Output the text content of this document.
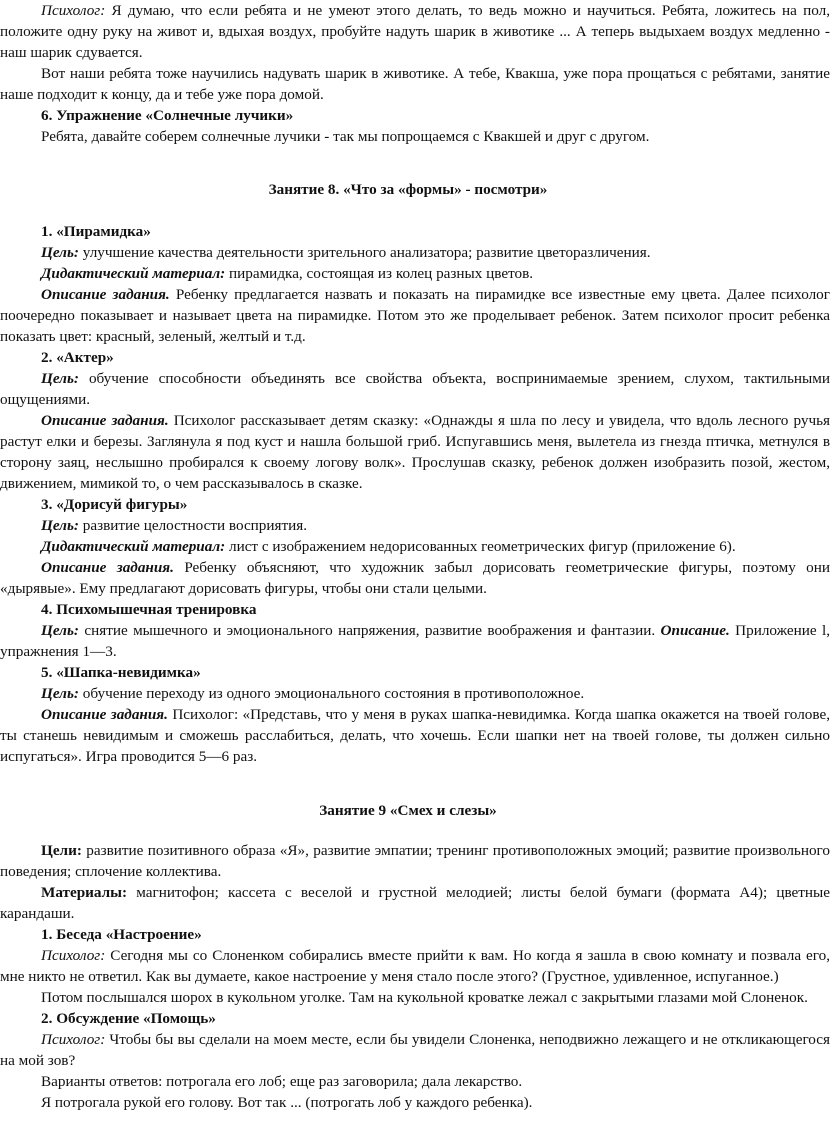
Психолог: Я думаю, что если ребята и не умеют этого делать, то ведь можно и научиться. Ребята, ложитесь на пол, положите одну руку на живот и, вдыхая воздух, пробуйте надуть шарик в животике ... А теперь выдыхаем воздух медленно - наш шарик сдувается.

Вот наши ребята тоже научились надувать шарик в животике. А тебе, Квакша, уже пора прощаться с ребятами, занятие наше подходит к концу, да и тебе уже пора домой.

6. Упражнение «Солнечные лучики»

Ребята, давайте соберем солнечные лучики - так мы попрощаемся с Квакшей и друг с другом.

Занятие 8. «Что за «формы» - посмотри»

1. «Пирамидка»

Цель: улучшение качества деятельности зрительного анализатора; развитие цветоразличения.

Дидактический материал: пирамидка, состоящая из колец разных цветов.

Описание задания. Ребенку предлагается назвать и показать на пирамидке все известные ему цвета. Далее психолог поочередно показывает и называет цвета на пирамидке. Потом это же проделывает ребенок. Затем психолог просит ребенка показать цвет: красный, зеленый, желтый и т.д.

2. «Актер»

Цель: обучение способности объединять все свойства объекта, воспринимаемые зрением, слухом, тактильными ощущениями.

Описание задания. Психолог рассказывает детям сказку: «Однажды я шла по лесу и увидела, что вдоль лесного ручья растут елки и березы. Заглянула я под куст и нашла большой гриб. Испугавшись меня, вылетела из гнезда птичка, метнулся в сторону заяц, неслышно пробирался к своему логову волк». Прослушав сказку, ребенок должен изобразить позой, жестом, движением, мимикой то, о чем рассказывалось в сказке.

3. «Дорисуй фигуры»

Цель: развитие целостности восприятия.

Дидактический материал: лист с изображением недорисованных геометрических фигур (приложение 6).

Описание задания. Ребенку объясняют, что художник забыл дорисовать геометрические фигуры, поэтому они «дырявые». Ему предлагают дорисовать фигуры, чтобы они стали целыми.

4. Психомышечная тренировка

Цель: снятие мышечного и эмоционального напряжения, развитие воображения и фантазии. Описание. Приложение l, упражнения 1—3.

5. «Шапка-невидимка»

Цель: обучение переходу из одного эмоционального состояния в противоположное.

Описание задания. Психолог: «Представь, что у меня в руках шапка-невидимка. Когда шапка окажется на твоей голове, ты станешь невидимым и сможешь расслабиться, делать, что хочешь. Если шапки нет на твоей голове, ты должен сильно испугаться». Игра проводится 5—6 раз.

Занятие 9 «Смех и слезы»

Цели: развитие позитивного образа «Я», развитие эмпатии; тренинг противоположных эмоций; развитие произвольного поведения; сплочение коллектива.

Материалы: магнитофон; кассета с веселой и грустной мелодией; листы белой бумаги (формата А4); цветные карандаши.

1. Беседа «Настроение»

Психолог: Сегодня мы со Слоненком собирались вместе прийти к вам. Но когда я зашла в свою комнату и позвала его, мне никто не ответил. Как вы думаете, какое настроение у меня стало после этого? (Грустное, удивленное, испуганное.)

Потом послышался шорох в кукольном уголке. Там на кукольной кроватке лежал с закрытыми глазами мой Слоненок.

2. Обсуждение «Помощь»

Психолог: Чтобы бы вы сделали на моем месте, если бы увидели Слоненка, неподвижно лежащего и не откликающегося на мой зов?

Варианты ответов: потрогала его лоб; еще раз заговорила; дала лекарство.

Я потрогала рукой его голову. Вот так ... (потрогать лоб у каждого ребенка).
